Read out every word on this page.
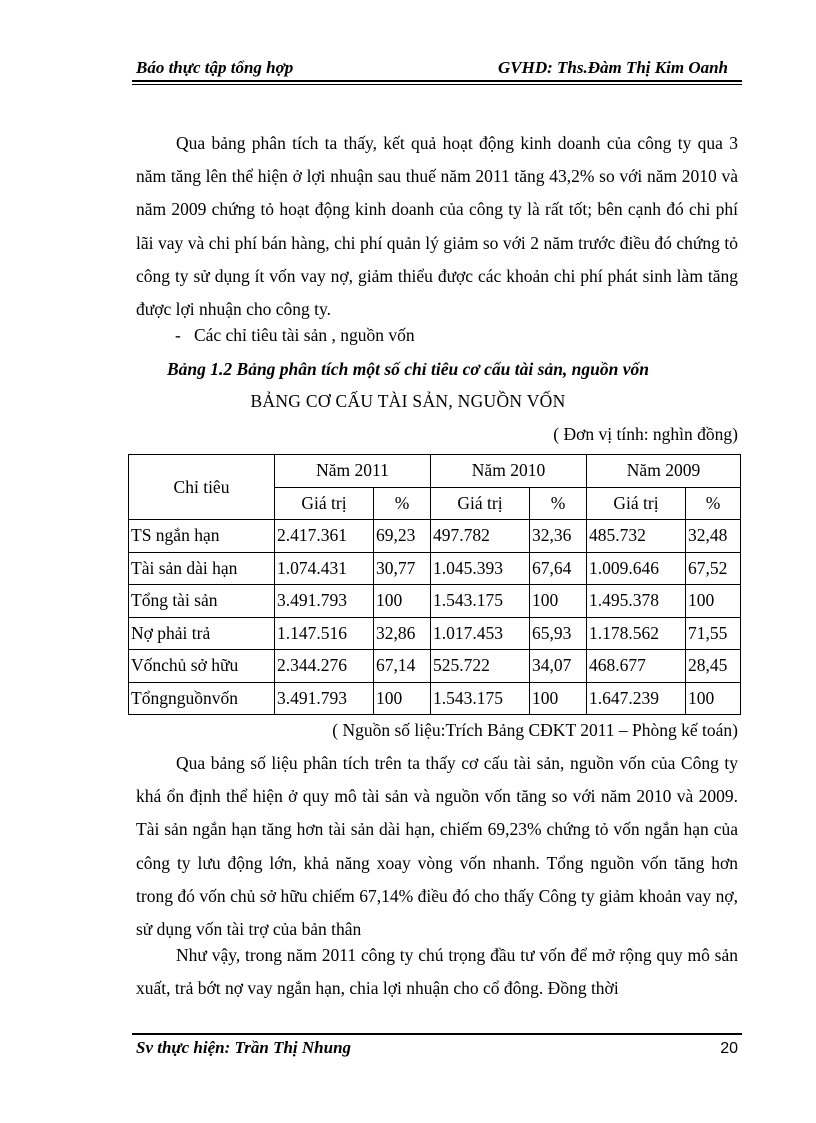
Báo thực tập tổng hợp	GVHD: Ths.Đàm Thị Kim Oanh

Qua bảng phân tích ta thấy, kết quả hoạt động kinh doanh của công ty qua 3 năm tăng lên thể hiện ở lợi nhuận sau thuế năm 2011 tăng 43,2% so với năm 2010 và năm 2009 chứng tỏ hoạt động kinh doanh của công ty là rất tốt; bên cạnh đó chi phí lãi vay và chi phí bán hàng, chi phí quản lý giảm so với 2 năm trước điều đó chứng tỏ công ty sử dụng ít vốn vay nợ, giảm thiểu được các khoản chi phí phát sinh làm tăng được lợi nhuận cho công ty.

-   Các chỉ tiêu tài sản , nguồn vốn
Bảng 1.2 Bảng phân tích một số chỉ tiêu cơ cấu tài sản, nguồn vốn
BẢNG CƠ CẤU TÀI SẢN, NGUỒN VỐN
( Đơn vị tính: nghìn đồng)
Chỉ tiêu	Năm 2011		Năm 2010		Năm 2009	
	Giá trị	%	Giá trị	%	Giá trị	%
TS ngắn hạn	2.417.361	69,23	497.782	32,36	485.732	32,48
Tài sản dài hạn	1.074.431	30,77	1.045.393	67,64	1.009.646	67,52
Tổng tài sản	3.491.793	100	1.543.175	100	1.495.378	100
Nợ phải trả	1.147.516	32,86	1.017.453	65,93	1.178.562	71,55
Vốnchủ sở hữu	2.344.276	67,14	525.722	34,07	468.677	28,45
Tổngnguồnvốn	3.491.793	100	1.543.175	100	1.647.239	100
( Nguồn số liệu:Trích Bảng CĐKT 2011 – Phòng kế toán)

Qua bảng số liệu phân tích trên ta thấy cơ cấu tài sản, nguồn vốn của Công ty khá ổn định thể hiện ở quy mô tài sản và nguồn vốn tăng so với năm 2010 và 2009. Tài sản ngắn hạn tăng hơn tài sản dài hạn, chiếm 69,23% chứng tỏ vốn ngắn hạn của công ty lưu động lớn, khả năng xoay vòng vốn nhanh. Tổng nguồn vốn tăng hơn trong đó vốn chủ sở hữu chiếm 67,14% điều đó cho thấy Công ty giảm khoản vay nợ, sử dụng vốn tài trợ của bản thân

Như vậy, trong năm 2011 công ty chú trọng đầu tư vốn để mở rộng quy mô sản xuất, trả bớt nợ vay ngắn hạn, chia lợi nhuận cho cổ đông. Đồng thời

Sv thực hiện: Trần Thị Nhung	20
